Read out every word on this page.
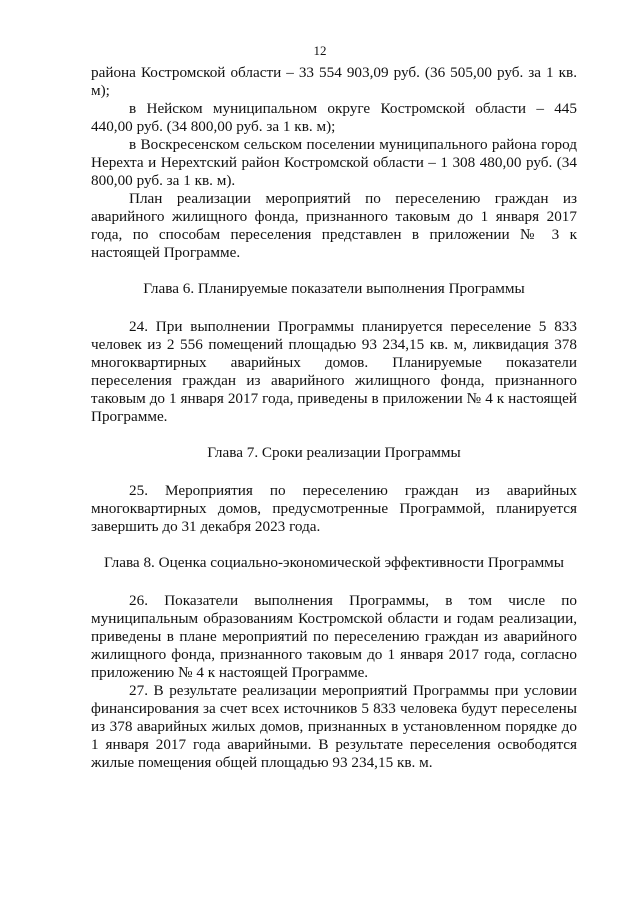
12

района Костромской области – 33 554 903,09 руб. (36 505,00 руб. за 1 кв. м);

в Нейском муниципальном округе Костромской области – 445 440,00 руб. (34 800,00 руб. за 1 кв. м);

в Воскресенском сельском поселении муниципального района город Нерехта и Нерехтский район Костромской области – 1 308 480,00 руб. (34 800,00 руб. за 1 кв. м).

План реализации мероприятий по переселению граждан из аварийного жилищного фонда, признанного таковым до 1 января 2017 года, по способам переселения представлен в приложении № 3 к настоящей Программе.

Глава 6. Планируемые показатели выполнения Программы

24. При выполнении Программы планируется переселение 5 833 человек из 2 556 помещений площадью 93 234,15 кв. м, ликвидация 378 многоквартирных аварийных домов. Планируемые показатели переселения граждан из аварийного жилищного фонда, признанного таковым до 1 января 2017 года, приведены в приложении № 4 к настоящей Программе.

Глава 7. Сроки реализации Программы

25. Мероприятия по переселению граждан из аварийных многоквартирных домов, предусмотренные Программой, планируется завершить до 31 декабря 2023 года.

Глава 8. Оценка социально-экономической эффективности Программы

26. Показатели выполнения Программы, в том числе по муниципальным образованиям Костромской области и годам реализации, приведены в плане мероприятий по переселению граждан из аварийного жилищного фонда, признанного таковым до 1 января 2017 года, согласно приложению № 4 к настоящей Программе.

27. В результате реализации мероприятий Программы при условии финансирования за счет всех источников 5 833 человека будут переселены из 378 аварийных жилых домов, признанных в установленном порядке до 1 января 2017 года аварийными. В результате переселения освободятся жилые помещения общей площадью 93 234,15 кв. м.
